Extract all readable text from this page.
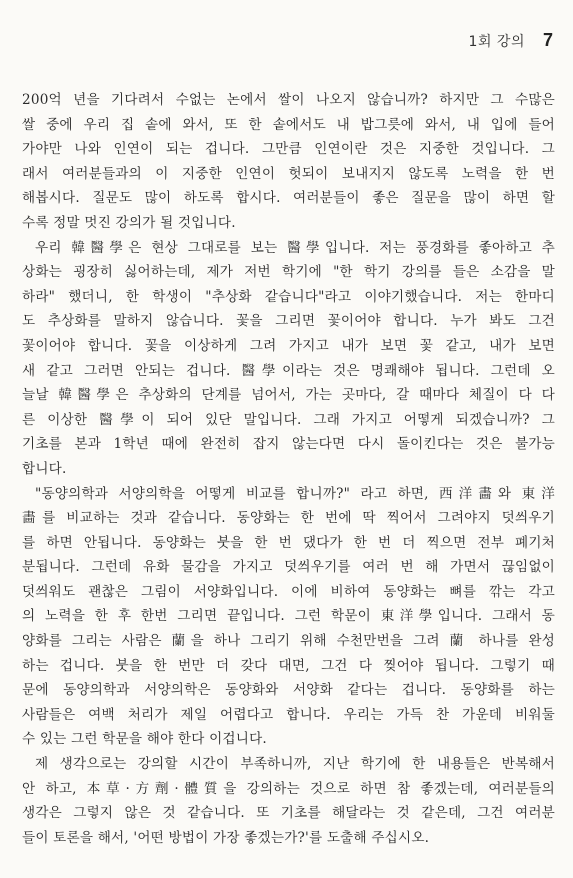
1회 강의 7
200억 년을 기다려서 수없는 논에서 쌀이 나오지 않습니까? 하지만 그 수많은
쌀 중에 우리 집 솥에 와서, 또 한 솥에서도 내 밥그릇에 와서, 내 입에 들어
가야만 나와 인연이 되는 겁니다. 그만큼 인연이란 것은 지중한 것입니다. 그
래서 여러분들과의 이 지중한 인연이 헛되이 보내지지 않도록 노력을 한 번
해봅시다. 질문도 많이 하도록 합시다. 여러분들이 좋은 질문을 많이 하면 할
수록 정말 멋진 강의가 될 것입니다.
우리 韓醫學은 현상 그대로를 보는 醫學입니다. 저는 풍경화를 좋아하고 추
상화는 굉장히 싫어하는데, 제가 저번 학기에 "한 학기 강의를 들은 소감을 말
하라" 했더니, 한 학생이 "추상화 같습니다"라고 이야기했습니다. 저는 한마디
도 추상화를 말하지 않습니다. 꽃을 그리면 꽃이어야 합니다. 누가 봐도 그건
꽃이어야 합니다. 꽃을 이상하게 그려 가지고 내가 보면 꽃 같고, 내가 보면
새 같고 그러면 안되는 겁니다. 醫學이라는 것은 명쾌해야 됩니다. 그런데 오
늘날 韓醫學은 추상화의 단계를 넘어서, 가는 곳마다, 갈 때마다 체질이 다 다
른 이상한 醫學이 되어 있단 말입니다. 그래 가지고 어떻게 되겠습니까? 그
기초를 본과 1학년 때에 완전히 잡지 않는다면 다시 돌이킨다는 것은 불가능
합니다.
"동양의학과 서양의학을 어떻게 비교를 합니까?" 라고 하면, 西洋畵와 東洋
畵를 비교하는 것과 같습니다. 동양화는 한 번에 딱 찍어서 그려야지 덧씌우기
를 하면 안됩니다. 동양화는 붓을 한 번 댔다가 한 번 더 찍으면 전부 폐기처
분됩니다. 그런데 유화 물감을 가지고 덧씌우기를 여러 번 해 가면서 끊임없이
덧씌워도 괜찮은 그림이 서양화입니다. 이에 비하여 동양화는 뼈를 깎는 각고
의 노력을 한 후 한번 그리면 끝입니다. 그런 학문이 東洋學입니다. 그래서 동
양화를 그리는 사람은 蘭을 하나 그리기 위해 수천만번을 그려 蘭 하나를 완성
하는 겁니다. 붓을 한 번만 더 갖다 대면, 그건 다 찢어야 됩니다. 그렇기 때
문에 동양의학과 서양의학은 동양화와 서양화 같다는 겁니다. 동양화를 하는
사람들은 여백 처리가 제일 어렵다고 합니다. 우리는 가득 찬 가운데 비워둘
수 있는 그런 학문을 해야 한다 이겁니다.
제 생각으로는 강의할 시간이 부족하니까, 지난 학기에 한 내용들은 반복해서
안 하고, 本草·方劑·體質을 강의하는 것으로 하면 참 좋겠는데, 여러분들의
생각은 그렇지 않은 것 같습니다. 또 기초를 해달라는 것 같은데, 그건 여러분
들이 토론을 해서, '어떤 방법이 가장 좋겠는가?'를 도출해 주십시오.
